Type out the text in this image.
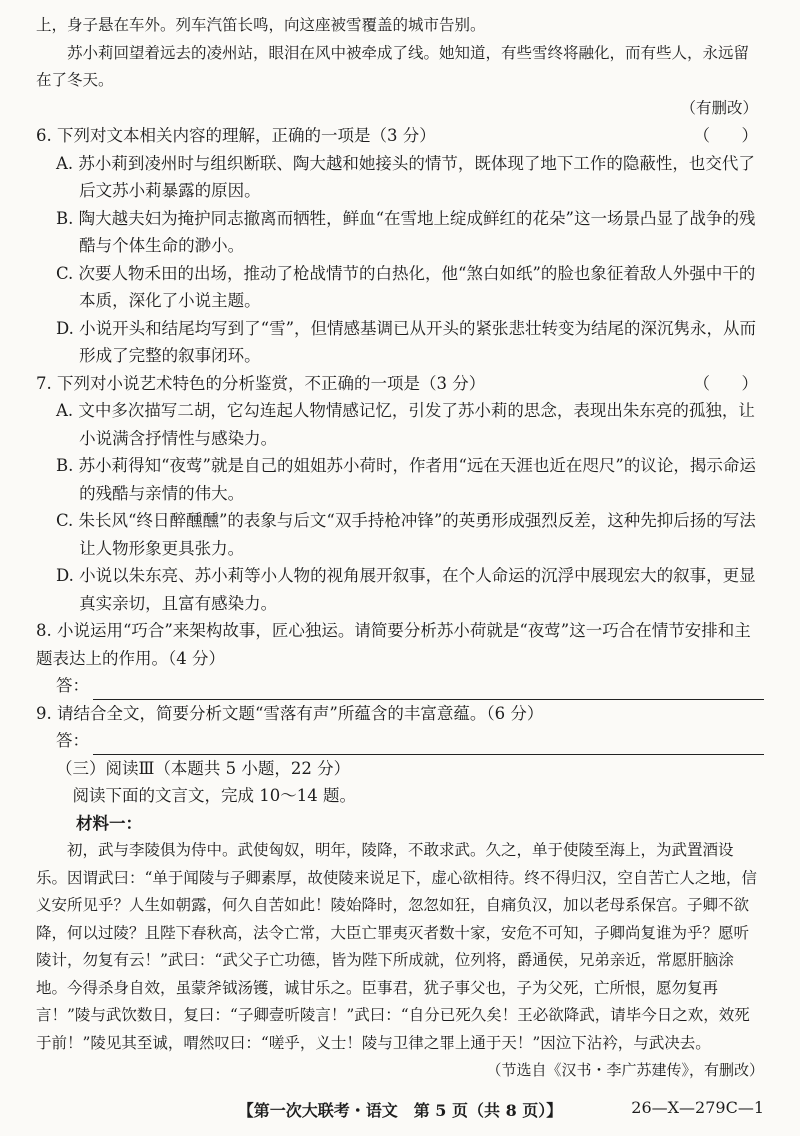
上，身子悬在车外。列车汽笛长鸣，向这座被雪覆盖的城市告别。

苏小莉回望着远去的凌州站，眼泪在风中被牵成了线。她知道，有些雪终将融化，而有些人，永远留在了冬天。

（有删改）

6. 下列对文本相关内容的理解，正确的一项是（3 分）	（      ）
A. 苏小莉到凌州时与组织断联、陶大越和她接头的情节，既体现了地下工作的隐蔽性，也交代了后文苏小莉暴露的原因。
B. 陶大越夫妇为掩护同志撤离而牺牲，鲜血“在雪地上绽成鲜红的花朵”这一场景凸显了战争的残酷与个体生命的渺小。
C. 次要人物禾田的出场，推动了枪战情节的白热化，他“煞白如纸”的脸也象征着敌人外强中干的本质，深化了小说主题。
D. 小说开头和结尾均写到了“雪”，但情感基调已从开头的紧张悲壮转变为结尾的深沉隽永，从而形成了完整的叙事闭环。
7. 下列对小说艺术特色的分析鉴赏，不正确的一项是（3 分）	（      ）
A. 文中多次描写二胡，它勾连起人物情感记忆，引发了苏小莉的思念，表现出朱东亮的孤独，让小说满含抒情性与感染力。
B. 苏小莉得知“夜莺”就是自己的姐姐苏小荷时，作者用“远在天涯也近在咫尺”的议论，揭示命运的残酷与亲情的伟大。
C. 朱长风“终日醉醺醺”的表象与后文“双手持枪冲锋”的英勇形成强烈反差，这种先抑后扬的写法让人物形象更具张力。
D. 小说以朱东亮、苏小莉等小人物的视角展开叙事，在个人命运的沉浮中展现宏大的叙事，更显真实亲切，且富有感染力。

8. 小说运用“巧合”来架构故事，匠心独运。请简要分析苏小荷就是“夜莺”这一巧合在情节安排和主题表达上的作用。（4 分）

答：

9. 请结合全文，简要分析文题“雪落有声”所蕴含的丰富意蕴。（6 分）

答：
（三）阅读Ⅲ（本题共 5 小题，22 分）
阅读下面的文言文，完成 10～14 题。
材料一：

初，武与李陵俱为侍中。武使匈奴，明年，陵降，不敢求武。久之，单于使陵至海上，为武置酒设乐。因谓武曰：“单于闻陵与子卿素厚，故使陵来说足下，虚心欲相待。终不得归汉，空自苦亡人之地，信义安所见乎？人生如朝露，何久自苦如此！陵始降时，忽忽如狂，自痛负汉，加以老母系保宫。子卿不欲降，何以过陵？且陛下春秋高，法令亡常，大臣亡罪夷灭者数十家，安危不可知，子卿尚复谁为乎？愿听陵计，勿复有云！”武曰：“武父子亡功德，皆为陛下所成就，位列将，爵通侯，兄弟亲近，常愿肝脑涂地。今得杀身自效，虽蒙斧钺汤镬，诚甘乐之。臣事君，犹子事父也，子为父死，亡所恨，愿勿复再言！”陵与武饮数日，复曰：“子卿壹听陵言！”武曰：“自分已死久矣！王必欲降武，请毕今日之欢，效死于前！”陵见其至诚，喟然叹曰：“嗟乎，义士！陵与卫律之罪上通于天！”因泣下沾衿，与武决去。

（节选自《汉书・李广苏建传》，有删改）

【第一次大联考・语文　第 5 页（共 8 页）】	26—X—279C—1
